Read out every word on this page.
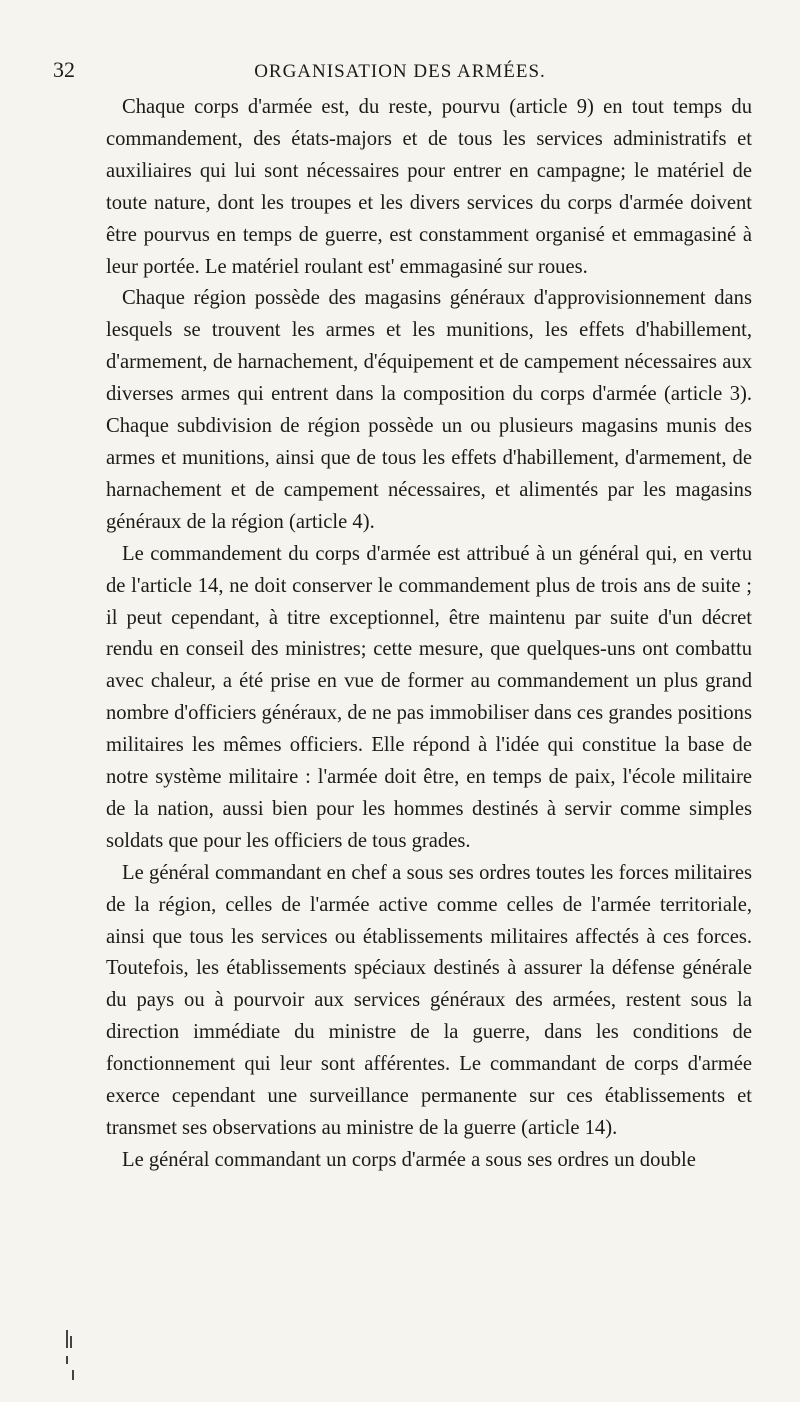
32	ORGANISATION DES ARMÉES.

Chaque corps d'armée est, du reste, pourvu (article 9) en tout temps du commandement, des états-majors et de tous les services administratifs et auxiliaires qui lui sont nécessaires pour entrer en campagne; le matériel de toute nature, dont les troupes et les divers services du corps d'armée doivent être pourvus en temps de guerre, est constamment organisé et emmagasiné à leur portée. Le matériel roulant est' emmagasiné sur roues.

Chaque région possède des magasins généraux d'approvisionnement dans lesquels se trouvent les armes et les munitions, les effets d'habillement, d'armement, de harnachement, d'équipement et de campement nécessaires aux diverses armes qui entrent dans la composition du corps d'armée (article 3). Chaque subdivision de région possède un ou plusieurs magasins munis des armes et munitions, ainsi que de tous les effets d'habillement, d'armement, de harnachement et de campement nécessaires, et alimentés par les magasins généraux de la région (article 4).

Le commandement du corps d'armée est attribué à un général qui, en vertu de l'article 14, ne doit conserver le commandement plus de trois ans de suite ; il peut cependant, à titre exceptionnel, être maintenu par suite d'un décret rendu en conseil des ministres; cette mesure, que quelques-uns ont combattu avec chaleur, a été prise en vue de former au commandement un plus grand nombre d'officiers généraux, de ne pas immobiliser dans ces grandes positions militaires les mêmes officiers. Elle répond à l'idée qui constitue la base de notre système militaire : l'armée doit être, en temps de paix, l'école militaire de la nation, aussi bien pour les hommes destinés à servir comme simples soldats que pour les officiers de tous grades.

Le général commandant en chef a sous ses ordres toutes les forces militaires de la région, celles de l'armée active comme celles de l'armée territoriale, ainsi que tous les services ou établissements militaires affectés à ces forces. Toutefois, les établissements spéciaux destinés à assurer la défense générale du pays ou à pourvoir aux services généraux des armées, restent sous la direction immédiate du ministre de la guerre, dans les conditions de fonctionnement qui leur sont afférentes. Le commandant de corps d'armée exerce cependant une surveillance permanente sur ces établissements et transmet ses observations au ministre de la guerre (article 14).

Le général commandant un corps d'armée a sous ses ordres un double
